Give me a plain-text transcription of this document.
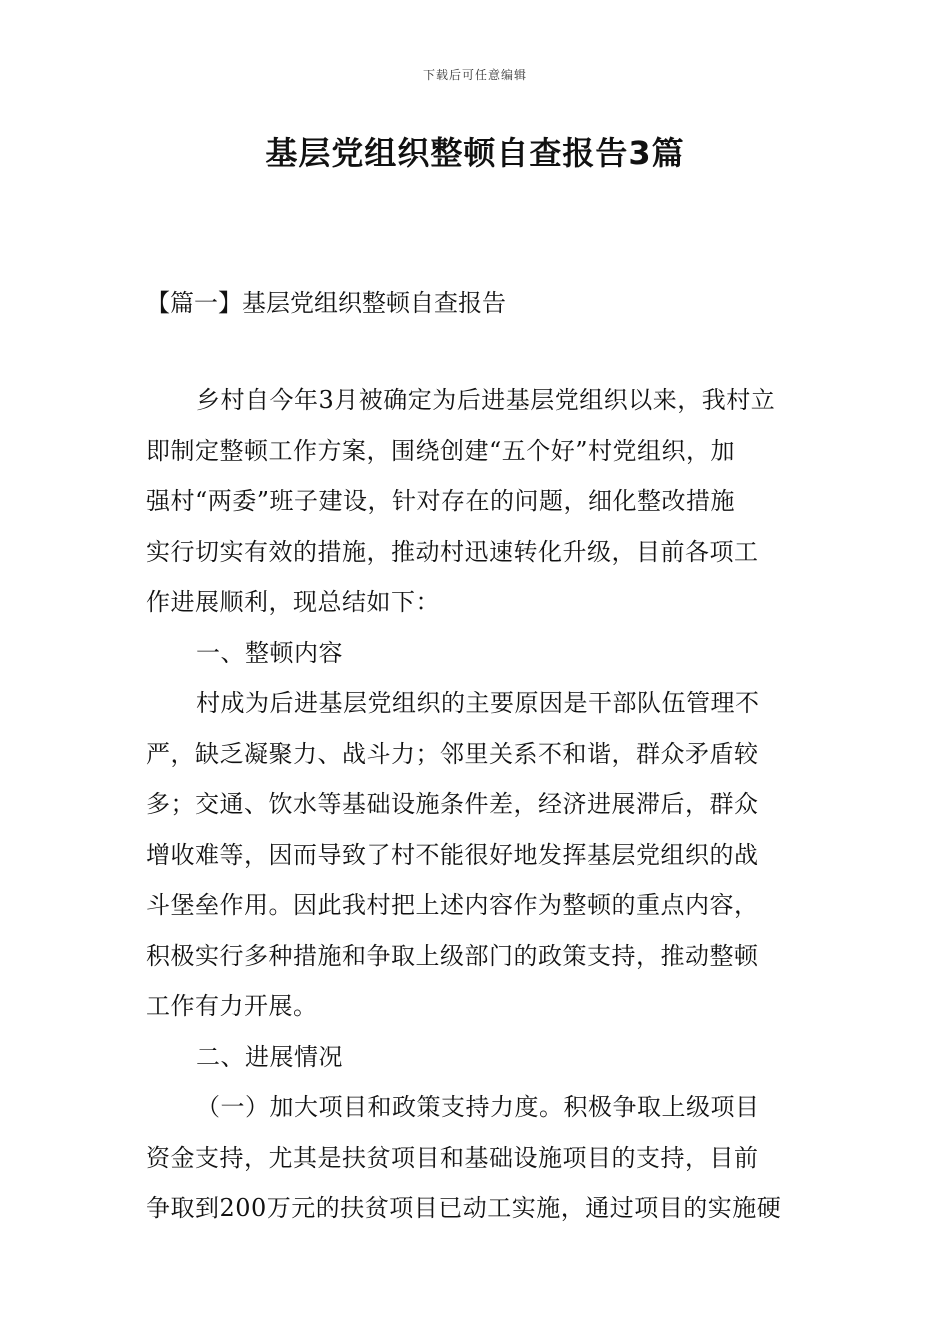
下载后可任意编辑
基层党组织整顿自查报告3篇
【篇一】基层党组织整顿自查报告

乡村自今年3月被确定为后进基层党组织以来，我村立
即制定整顿工作方案，围绕创建“五个好”村党组织，加
强村“两委”班子建设，针对存在的问题，细化整改措施
实行切实有效的措施，推动村迅速转化升级，目前各项工
作进展顺利，现总结如下：

一、整顿内容

村成为后进基层党组织的主要原因是干部队伍管理不
严，缺乏凝聚力、战斗力；邻里关系不和谐，群众矛盾较
多；交通、饮水等基础设施条件差，经济进展滞后，群众
增收难等，因而导致了村不能很好地发挥基层党组织的战
斗堡垒作用。因此我村把上述内容作为整顿的重点内容，
积极实行多种措施和争取上级部门的政策支持，推动整顿
工作有力开展。

二、进展情况

（一）加大项目和政策支持力度。积极争取上级项目
资金支持，尤其是扶贫项目和基础设施项目的支持，目前
争取到200万元的扶贫项目已动工实施，通过项目的实施硬
